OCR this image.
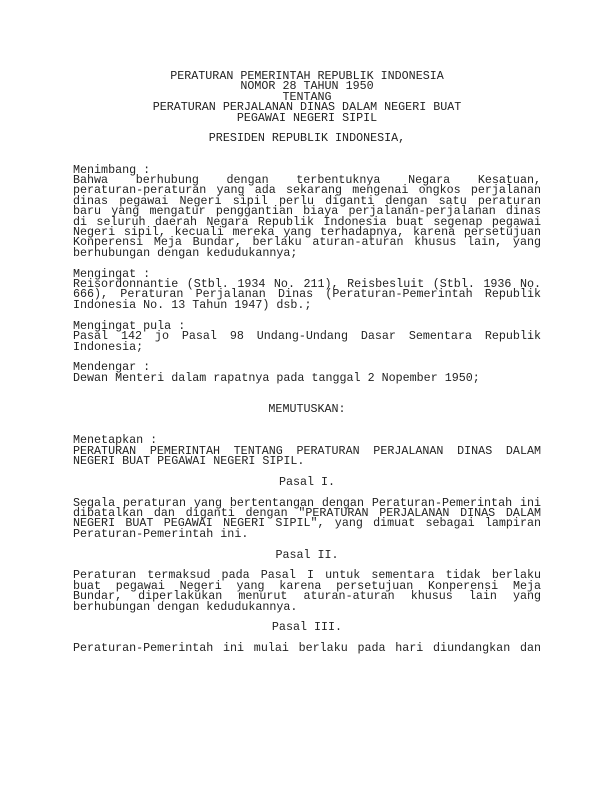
PERATURAN PEMERINTAH REPUBLIK INDONESIA
NOMOR 28 TAHUN 1950
TENTANG
PERATURAN PERJALANAN DINAS DALAM NEGERI BUAT
PEGAWAI NEGERI SIPIL
PRESIDEN REPUBLIK INDONESIA,
Menimbang :
Bahwa berhubung dengan terbentuknya Negara Kesatuan,
peraturan-peraturan yang ada sekarang mengenai ongkos perjalanan
dinas pegawai Negeri sipil perlu diganti dengan satu peraturan
baru yang mengatur penggantian biaya perjalanan-perjalanan dinas
di seluruh daerah Negara Republik Indonesia buat segenap pegawai
Negeri sipil, kecuali mereka yang terhadapnya, karena persetujuan
Konperensi Meja Bundar, berlaku aturan-aturan khusus lain, yang
berhubungan dengan kedudukannya;
Mengingat :
Reisordonnantie (Stbl. 1934 No. 211), Reisbesluit (Stbl. 1936 No.
666), Peraturan Perjalanan Dinas (Peraturan-Pemerintah Republik
Indonesia No. 13 Tahun 1947) dsb.;
Mengingat pula :
Pasal 142 jo Pasal 98 Undang-Undang Dasar Sementara Republik
Indonesia;
Mendengar :
Dewan Menteri dalam rapatnya pada tanggal 2 Nopember 1950;
MEMUTUSKAN:
Menetapkan :
PERATURAN PEMERINTAH TENTANG PERATURAN PERJALANAN DINAS DALAM
NEGERI BUAT PEGAWAI NEGERI SIPIL.
Pasal I.
Segala peraturan yang bertentangan dengan Peraturan-Pemerintah ini
dibatalkan dan diganti dengan "PERATURAN PERJALANAN DINAS DALAM
NEGERI BUAT PEGAWAI NEGERI SIPIL", yang dimuat sebagai lampiran
Peraturan-Pemerintah ini.
Pasal II.
Peraturan termaksud pada Pasal I untuk sementara tidak berlaku
buat pegawai Negeri yang karena persetujuan Konperensi Meja
Bundar, diperlakukan menurut aturan-aturan khusus lain yang
berhubungan dengan kedudukannya.
Pasal III.
Peraturan-Pemerintah ini mulai berlaku pada hari diundangkan dan
